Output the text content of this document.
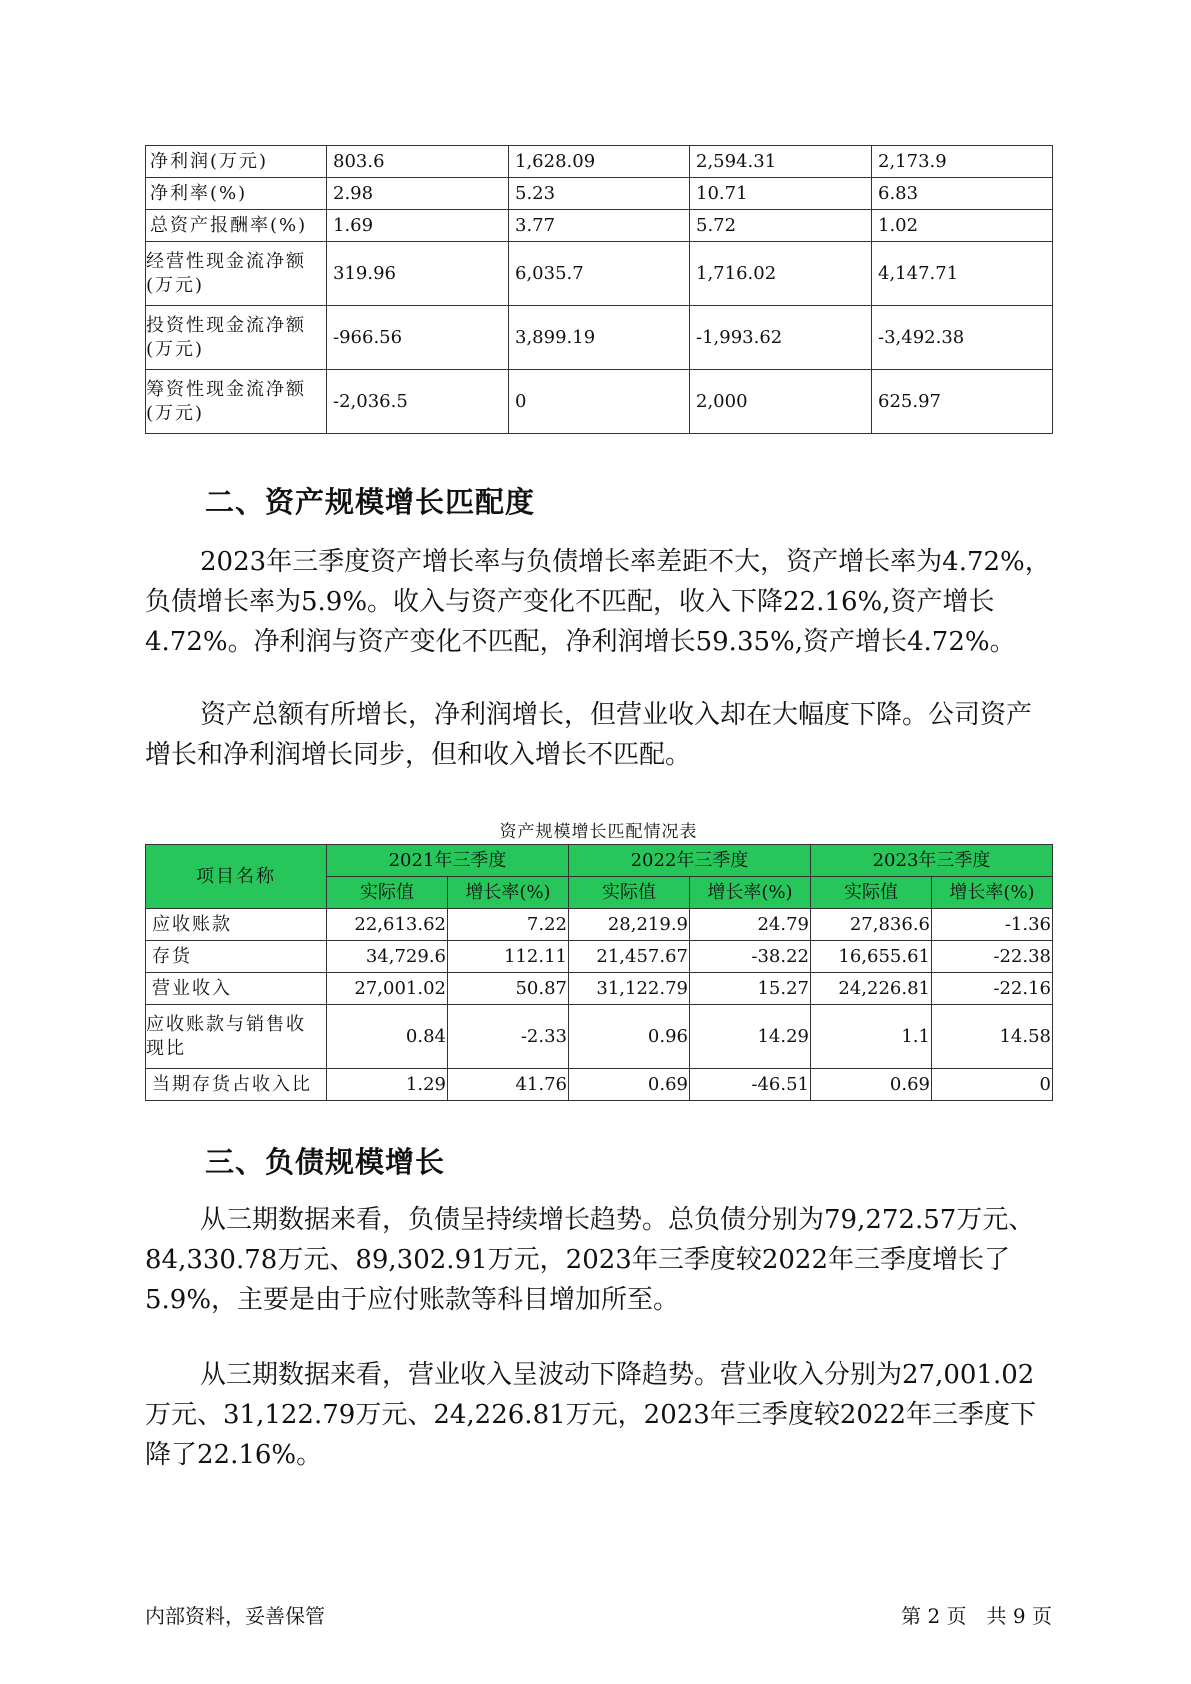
净利润(万元)	803.6	1,628.09	2,594.31	2,173.9
净利率(%)	2.98	5.23	10.71	6.83
总资产报酬率(%)	1.69	3.77	5.72	1.02
经营性现金流净额(万元)	319.96	6,035.7	1,716.02	4,147.71
投资性现金流净额(万元)	-966.56	3,899.19	-1,993.62	-3,492.38
筹资性现金流净额(万元)	-2,036.5	0	2,000	625.97
二、资产规模增长匹配度

2023年三季度资产增长率与负债增长率差距不大，资产增长率为4.72%，负债增长率为5.9%。收入与资产变化不匹配，收入下降22.16%,资产增长4.72%。净利润与资产变化不匹配，净利润增长59.35%,资产增长4.72%。

资产总额有所增长，净利润增长，但营业收入却在大幅度下降。公司资产增长和净利润增长同步，但和收入增长不匹配。

资产规模增长匹配情况表
项目名称	2021年三季度		2022年三季度		2023年三季度	
	实际值	增长率(%)	实际值	增长率(%)	实际值	增长率(%)
应收账款	22,613.62	7.22	28,219.9	24.79	27,836.6	-1.36
存货	34,729.6	112.11	21,457.67	-38.22	16,655.61	-22.38
营业收入	27,001.02	50.87	31,122.79	15.27	24,226.81	-22.16
应收账款与销售收现比	0.84	-2.33	0.96	14.29	1.1	14.58
当期存货占收入比	1.29	41.76	0.69	-46.51	0.69	0
三、负债规模增长

从三期数据来看，负债呈持续增长趋势。总负债分别为79,272.57万元、84,330.78万元、89,302.91万元，2023年三季度较2022年三季度增长了5.9%，主要是由于应付账款等科目增加所至。

从三期数据来看，营业收入呈波动下降趋势。营业收入分别为27,001.02万元、31,122.79万元、24,226.81万元，2023年三季度较2022年三季度下降了22.16%。

内部资料，妥善保管	第 2 页　共 9 页
